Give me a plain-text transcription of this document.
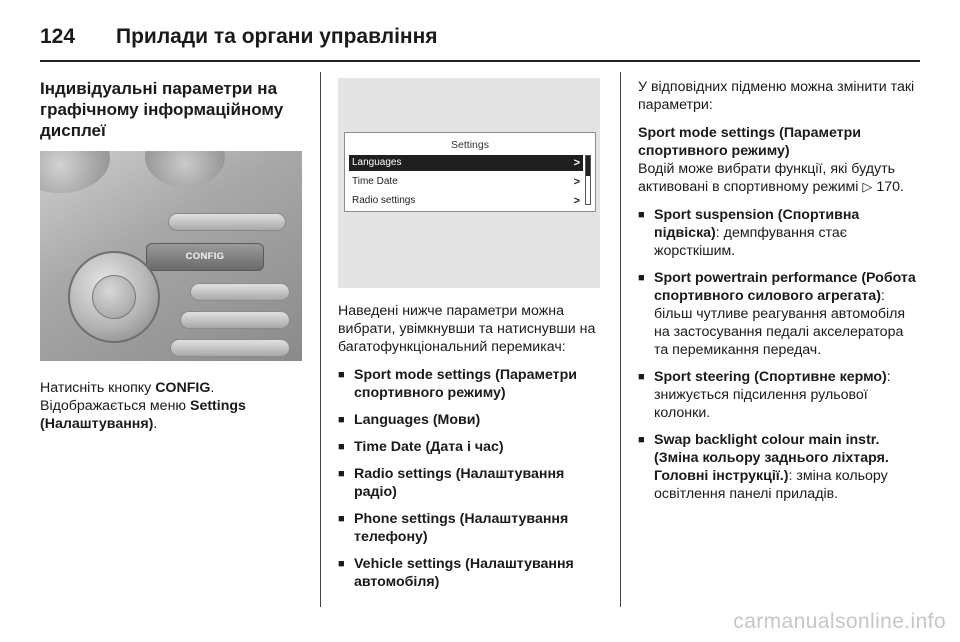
124	Прилади та органи управління
Індивідуальні параметри на графічному інформаційному дисплеї
CONFIG

Натисніть кнопку CONFIG.
Відображається меню Settings (Налаштування).

Settings
Languages	>
Time Date	>
Radio settings	>

Наведені нижче параметри можна вибрати, увімкнувши та натиснувши на багатофункціональний перемикач:

■ Sport mode settings (Параметри спортивного режиму)
■ Languages (Мови)
■ Time Date (Дата і час)
■ Radio settings (Налаштування радіо)
■ Phone settings (Налаштування телефону)
■ Vehicle settings (Налаштування автомобіля)

У відповідних підменю можна змінити такі параметри:

Sport mode settings (Параметри спортивного режиму)

Водій може вибрати функції, які будуть активовані в спортивному режимі ▷ 170.

■ Sport suspension (Спортивна підвіска): демпфування стає жорсткішим.
■ Sport powertrain performance (Робота спортивного силового агрегата): більш чутливе реагування автомобіля на застосування педалі акселератора та перемикання передач.
■ Sport steering (Спортивне кермо): знижується підсилення рульової колонки.
■ Swap backlight colour main instr. (Зміна кольору заднього ліхтаря. Головні інструкції.): зміна кольору освітлення панелі приладів.
carmanualsonline.info
